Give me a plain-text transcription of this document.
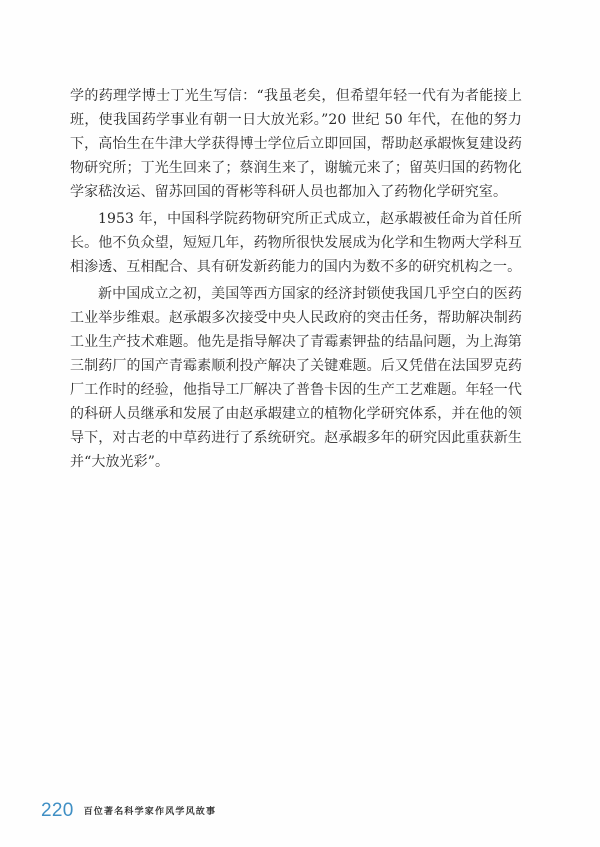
学的药理学博士丁光生写信：“我虽老矣，但希望年轻一代有为者能接上班，使我国药学事业有朝一日大放光彩。”20 世纪 50 年代，在他的努力下，高怡生在牛津大学获得博士学位后立即回国，帮助赵承嘏恢复建设药物研究所；丁光生回来了；蔡润生来了，谢毓元来了；留英归国的药物化学家嵇汝运、留苏回国的胥彬等科研人员也都加入了药物化学研究室。

1953 年，中国科学院药物研究所正式成立，赵承嘏被任命为首任所长。他不负众望，短短几年，药物所很快发展成为化学和生物两大学科互相渗透、互相配合、具有研发新药能力的国内为数不多的研究机构之一。

新中国成立之初，美国等西方国家的经济封锁使我国几乎空白的医药工业举步维艰。赵承嘏多次接受中央人民政府的突击任务，帮助解决制药工业生产技术难题。他先是指导解决了青霉素钾盐的结晶问题，为上海第三制药厂的国产青霉素顺利投产解决了关键难题。后又凭借在法国罗克药厂工作时的经验，他指导工厂解决了普鲁卡因的生产工艺难题。年轻一代的科研人员继承和发展了由赵承嘏建立的植物化学研究体系，并在他的领导下，对古老的中草药进行了系统研究。赵承嘏多年的研究因此重获新生并“大放光彩”。

220 百位著名科学家作风学风故事
